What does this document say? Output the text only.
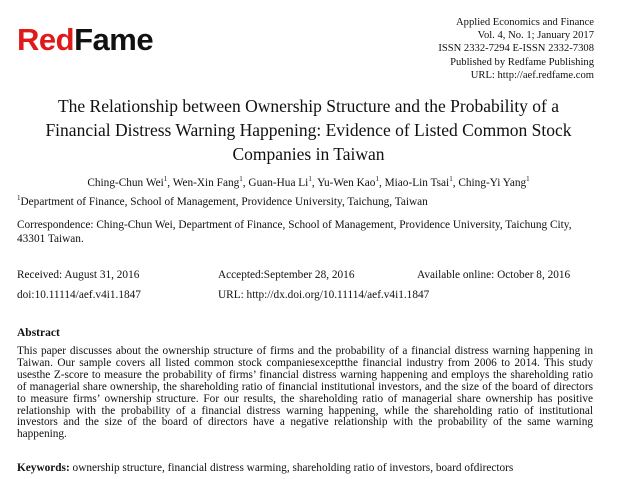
RedFame	Applied Economics and Finance
Vol. 4, No. 1; January 2017
ISSN 2332-7294 E-ISSN 2332-7308
Published by Redfame Publishing
URL: http://aef.redfame.com
The Relationship between Ownership Structure and the Probability of a
Financial Distress Warning Happening: Evidence of Listed Common Stock
Companies in Taiwan
Ching-Chun Wei$^1$, Wen-Xin Fang$^1$, Guan-Hua Li$^1$, Yu-Wen Kao$^1$, Miao-Lin Tsai$^1$, Ching-Yi Yang$^1$
$^1$Department of Finance, School of Management, Providence University, Taichung, Taiwan
Correspondence: Ching-Chun Wei, Department of Finance, School of Management, Providence University, Taichung City, 43301 Taiwan.
Received: August 31, 2016	Accepted:September 28, 2016	Available online: October 8, 2016
doi:10.11114/aef.v4i1.1847	URL: http://dx.doi.org/10.11114/aef.v4i1.1847
Abstract
This paper discusses about the ownership structure of firms and the probability of a financial distress warning happening in Taiwan. Our sample covers all listed common stock companiesexceptthe financial industry from 2006 to 2014. This study usesthe Z-score to measure the probability of firms’ financial distress warning happening and employs the shareholding ratio of managerial share ownership, the shareholding ratio of financial institutional investors, and the size of the board of directors to measure firms’ ownership structure. For our results, the shareholding ratio of managerial share ownership has positive relationship with the probability of a financial distress warning happening, while the shareholding ratio of institutional investors and the size of the board of directors have a negative relationship with the probability of the same warning happening.
Keywords: ownership structure, financial distress warming, shareholding ratio of investors, board ofdirectors
